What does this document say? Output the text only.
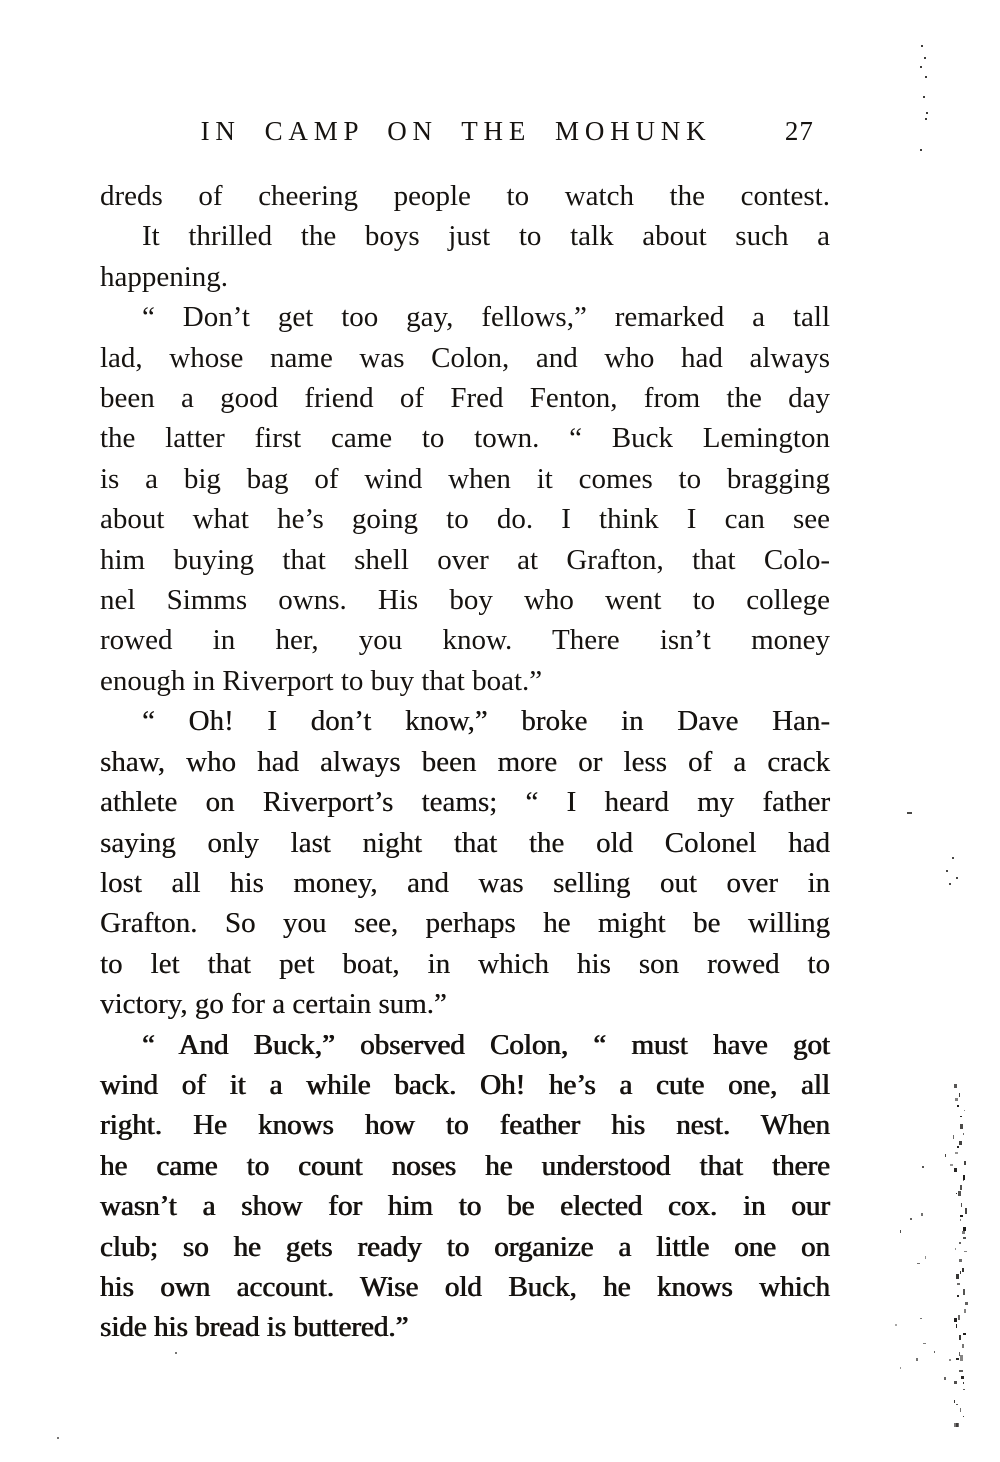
IN CAMP ON THE MOHUNK	27
dreds of cheering people to watch the contest.
It thrilled the boys just to talk about such a
happening.
“ Don’t get too gay, fellows,” remarked a tall
lad, whose name was Colon, and who had always
been a good friend of Fred Fenton, from the day
the latter first came to town. “ Buck Lemington
is a big bag of wind when it comes to bragging
about what he’s going to do. I think I can see
him buying that shell over at Grafton, that Colo-
nel Simms owns. His boy who went to college
rowed in her, you know. There isn’t money
enough in Riverport to buy that boat.”
“ Oh! I don’t know,” broke in Dave Han-
shaw, who had always been more or less of a crack
athlete on Riverport’s teams; “ I heard my father
saying only last night that the old Colonel had
lost all his money, and was selling out over in
Grafton. So you see, perhaps he might be willing
to let that pet boat, in which his son rowed to
victory, go for a certain sum.”
“ And Buck,” observed Colon, “ must have got
wind of it a while back. Oh! he’s a cute one, all
right. He knows how to feather his nest. When
he came to count noses he understood that there
wasn’t a show for him to be elected cox. in our
club; so he gets ready to organize a little one on
his own account. Wise old Buck, he knows which
side his bread is buttered.”
